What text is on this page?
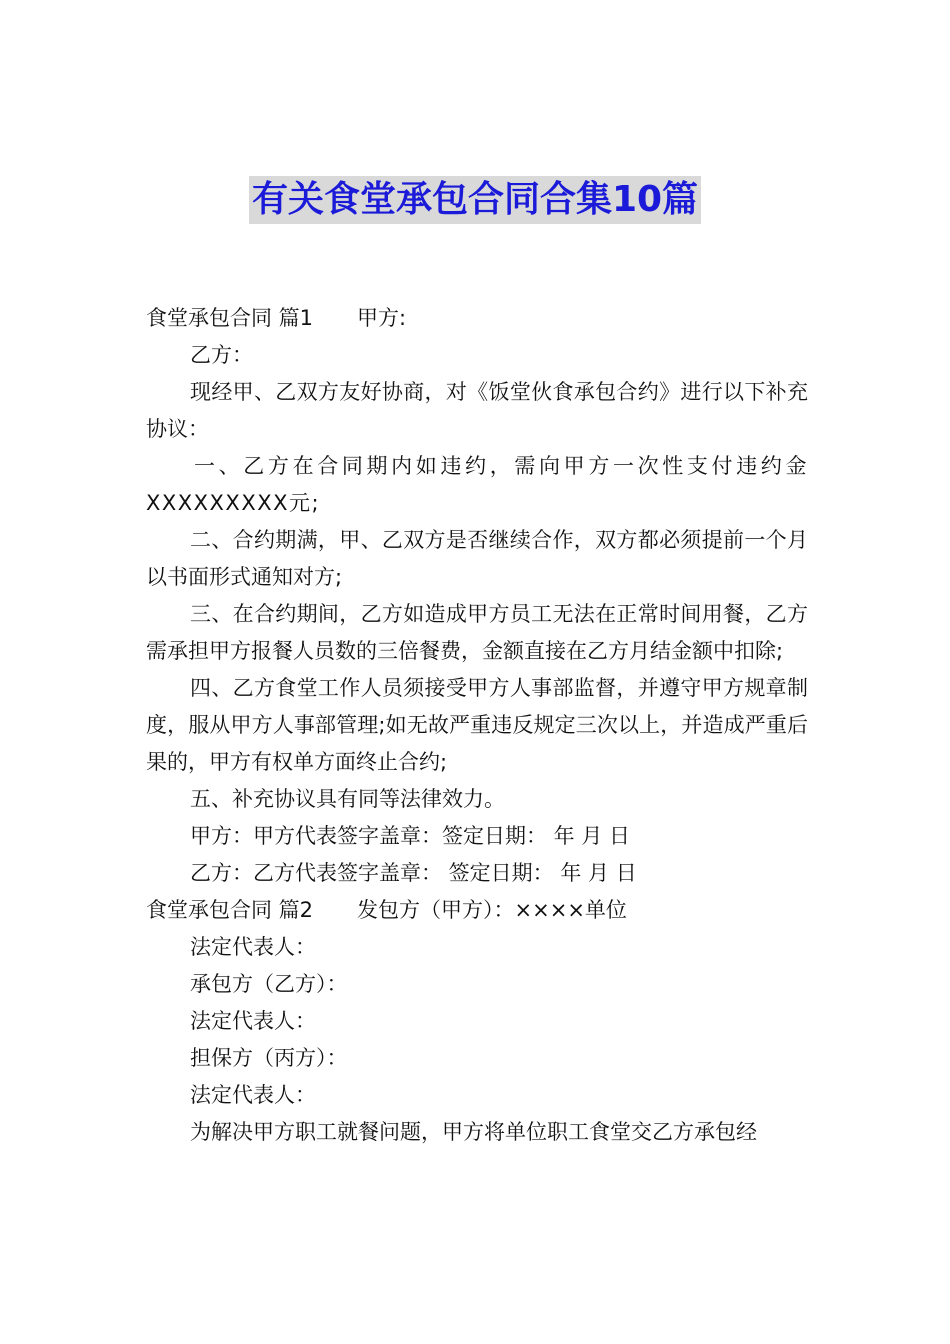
有关食堂承包合同合集10篇

食堂承包合同 篇1 甲方:

乙方：

现经甲、乙双方友好协商，对《饭堂伙食承包合约》进行以下补充协议：

一、乙方在合同期内如违约，需向甲方一次性支付违约金XXXXXXXXX元;

二、合约期满，甲、乙双方是否继续合作，双方都必须提前一个月以书面形式通知对方;

三、在合约期间，乙方如造成甲方员工无法在正常时间用餐，乙方需承担甲方报餐人员数的三倍餐费，金额直接在乙方月结金额中扣除;

四、乙方食堂工作人员须接受甲方人事部监督，并遵守甲方规章制度，服从甲方人事部管理;如无故严重违反规定三次以上，并造成严重后果的，甲方有权单方面终止合约;

五、补充协议具有同等法律效力。

甲方：甲方代表签字盖章：签定日期： 年 月 日

乙方：乙方代表签字盖章： 签定日期： 年 月 日

食堂承包合同 篇2 发包方（甲方）：××××单位

法定代表人：

承包方（乙方）：

法定代表人：

担保方（丙方）：

法定代表人：

为解决甲方职工就餐问题，甲方将单位职工食堂交乙方承包经
